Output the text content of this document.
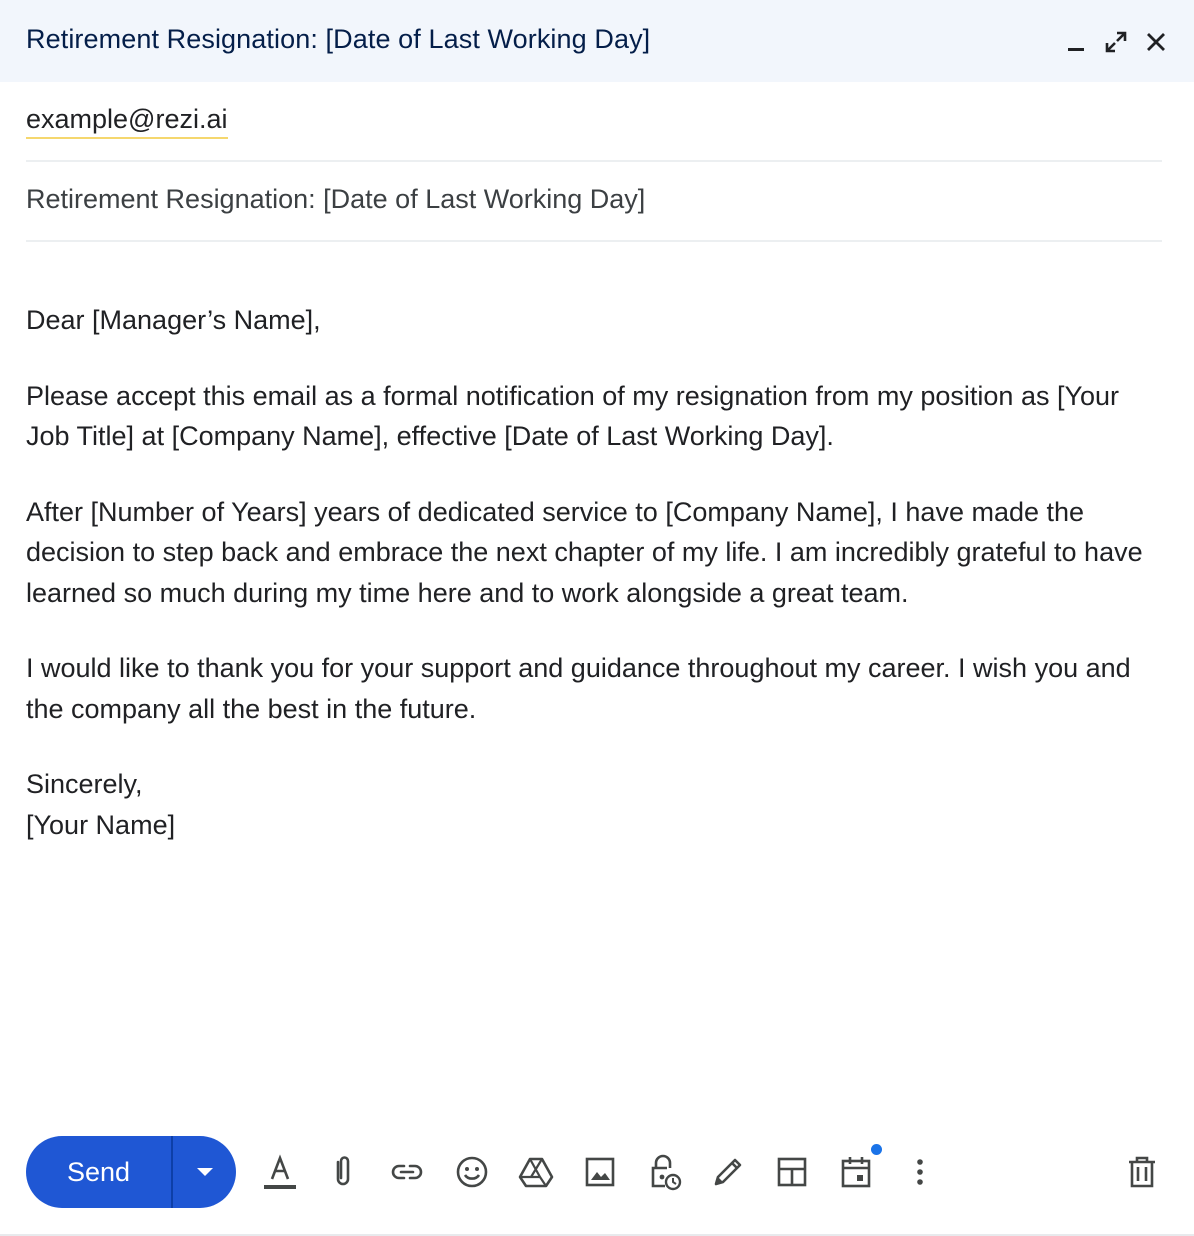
Retirement Resignation: [Date of Last Working Day]
example@rezi.ai
Retirement Resignation: [Date of Last Working Day]

Dear [Manager’s Name],

Please accept this email as a formal notification of my resignation from my position as [Your Job Title] at [Company Name], effective [Date of Last Working Day].

After [Number of Years] years of dedicated service to [Company Name], I have made the decision to step back and embrace the next chapter of my life. I am incredibly grateful to have learned so much during my time here and to work alongside a great team.

I would like to thank you for your support and guidance throughout my career. I wish you and the company all the best in the future.

Sincerely,

[Your Name]

Send
